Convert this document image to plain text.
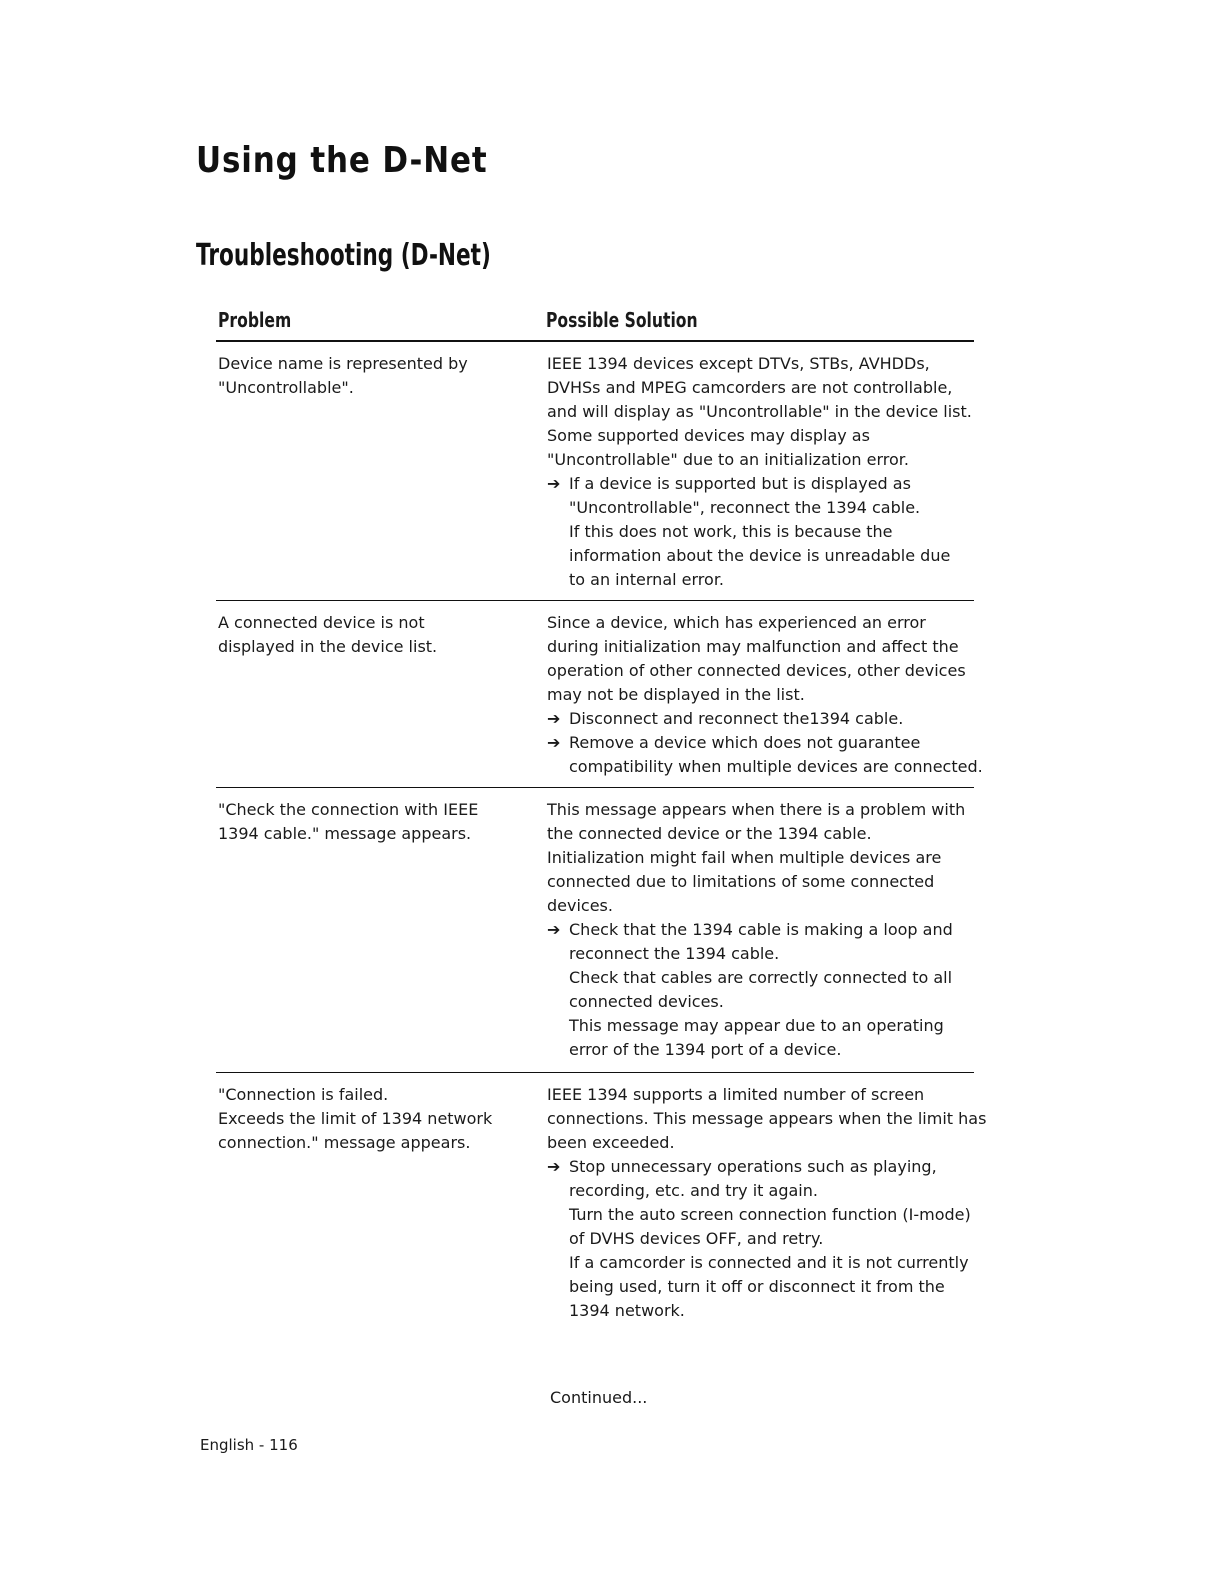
Using the D-Net
Troubleshooting (D-Net)
Problem	Possible Solution
Device name is represented by
"Uncontrollable".
IEEE 1394 devices except DTVs, STBs, AVHDDs,
DVHSs and MPEG camcorders are not controllable,
and will display as "Uncontrollable" in the device list.
Some supported devices may display as
"Uncontrollable" due to an initialization error.
➔ If a device is supported but is displayed as
"Uncontrollable", reconnect the 1394 cable.
If this does not work, this is because the
information about the device is unreadable due
to an internal error.
A connected device is not
displayed in the device list.
Since a device, which has experienced an error
during initialization may malfunction and affect the
operation of other connected devices, other devices
may not be displayed in the list.
➔ Disconnect and reconnect the1394 cable.
➔ Remove a device which does not guarantee
compatibility when multiple devices are connected.
"Check the connection with IEEE
1394 cable." message appears.
This message appears when there is a problem with
the connected device or the 1394 cable.
Initialization might fail when multiple devices are
connected due to limitations of some connected
devices.
➔ Check that the 1394 cable is making a loop and
reconnect the 1394 cable.
Check that cables are correctly connected to all
connected devices.
This message may appear due to an operating
error of the 1394 port of a device.
"Connection is failed.
Exceeds the limit of 1394 network
connection." message appears.
IEEE 1394 supports a limited number of screen
connections. This message appears when the limit has
been exceeded.
➔ Stop unnecessary operations such as playing,
recording, etc. and try it again.
Turn the auto screen connection function (I-mode)
of DVHS devices OFF, and retry.
If a camcorder is connected and it is not currently
being used, turn it off or disconnect it from the
1394 network.
Continued...
English - 116
